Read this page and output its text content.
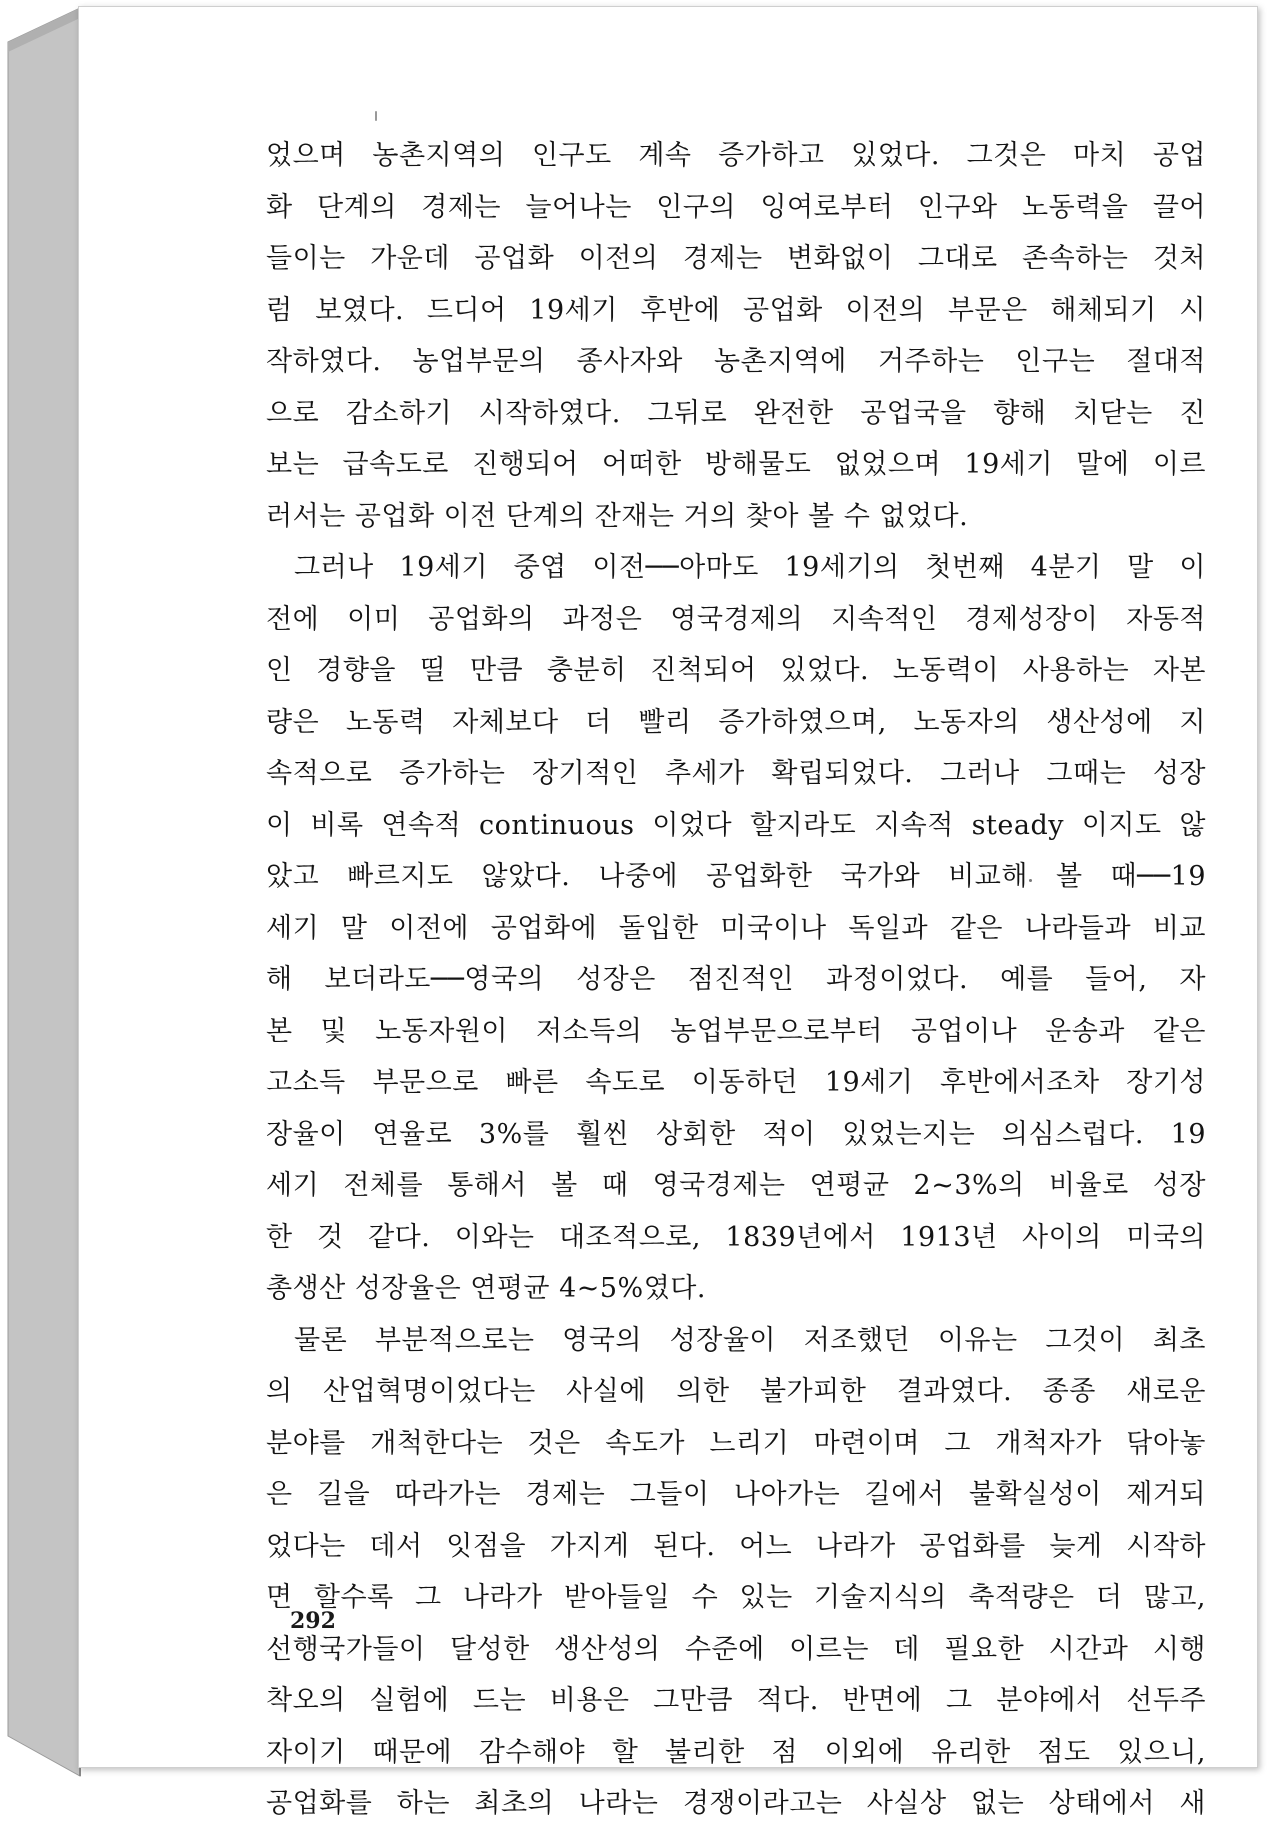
었으며 농촌지역의 인구도 계속 증가하고 있었다. 그것은 마치 공업
화 단계의 경제는 늘어나는 인구의 잉여로부터 인구와 노동력을 끌어
들이는 가운데 공업화 이전의 경제는 변화없이 그대로 존속하는 것처
럼 보였다. 드디어 19세기 후반에 공업화 이전의 부문은 해체되기 시
작하였다. 농업부문의 종사자와 농촌지역에 거주하는 인구는 절대적
으로 감소하기 시작하였다. 그뒤로 완전한 공업국을 향해 치닫는 진
보는 급속도로 진행되어 어떠한 방해물도 없었으며 19세기 말에 이르
러서는 공업화 이전 단계의 잔재는 거의 찾아 볼 수 없었다.
그러나 19세기 중엽 이전──아마도 19세기의 첫번째 4분기 말 이
전에 이미 공업화의 과정은 영국경제의 지속적인 경제성장이 자동적
인 경향을 띨 만큼 충분히 진척되어 있었다. 노동력이 사용하는 자본
량은 노동력 자체보다 더 빨리 증가하였으며, 노동자의 생산성에 지
속적으로 증가하는 장기적인 추세가 확립되었다. 그러나 그때는 성장
이 비록 연속적 continuous 이었다 할지라도 지속적 steady 이지도 않
았고 빠르지도 않았다. 나중에 공업화한 국가와 비교해 볼 때──19
세기 말 이전에 공업화에 돌입한 미국이나 독일과 같은 나라들과 비교
해 보더라도──영국의 성장은 점진적인 과정이었다. 예를 들어, 자
본 및 노동자원이 저소득의 농업부문으로부터 공업이나 운송과 같은
고소득 부문으로 빠른 속도로 이동하던 19세기 후반에서조차 장기성
장율이 연율로 3%를 훨씬 상회한 적이 있었는지는 의심스럽다. 19
세기 전체를 통해서 볼 때 영국경제는 연평균 2~3%의 비율로 성장
한 것 같다. 이와는 대조적으로, 1839년에서 1913년 사이의 미국의
총생산 성장율은 연평균 4~5%였다.
물론 부분적으로는 영국의 성장율이 저조했던 이유는 그것이 최초
의 산업혁명이었다는 사실에 의한 불가피한 결과였다. 종종 새로운
분야를 개척한다는 것은 속도가 느리기 마련이며 그 개척자가 닦아놓
은 길을 따라가는 경제는 그들이 나아가는 길에서 불확실성이 제거되
었다는 데서 잇점을 가지게 된다. 어느 나라가 공업화를 늦게 시작하
면 할수록 그 나라가 받아들일 수 있는 기술지식의 축적량은 더 많고,
선행국가들이 달성한 생산성의 수준에 이르는 데 필요한 시간과 시행
착오의 실험에 드는 비용은 그만큼 적다. 반면에 그 분야에서 선두주
자이기 때문에 감수해야 할 불리한 점 이외에 유리한 점도 있으니,
공업화를 하는 최초의 나라는 경쟁이라고는 사실상 없는 상태에서 새
292
